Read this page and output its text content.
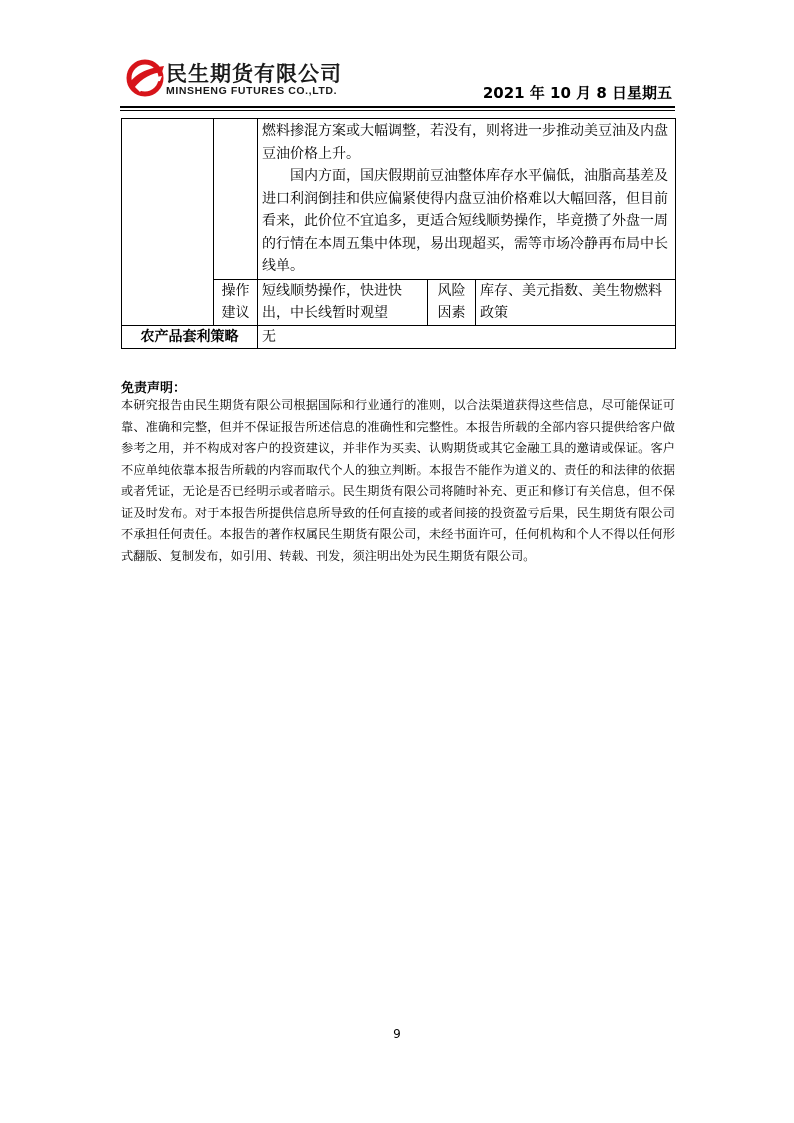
民生期货有限公司
MINSHENG FUTURES CO.,LTD.	2021 年 10 月 8 日星期五

		燃料掺混方案或大幅调整，若没有，则将进一步推动美豆油及内盘豆油价格上升。

国内方面，国庆假期前豆油整体库存水平偏低，油脂高基差及进口利润倒挂和供应偏紧使得内盘豆油价格难以大幅回落，但目前看来，此价位不宜追多，更适合短线顺势操作，毕竟攒了外盘一周的行情在本周五集中体现，易出现超买，需等市场冷静再布局中长线单。		

	操作建议	短线顺势操作，快进快出，中长线暂时观望	风险因素	库存、美元指数、美生物燃料政策
农产品套利策略		无		
免责声明：

本研究报告由民生期货有限公司根据国际和行业通行的准则，以合法渠道获得这些信息，尽可能保证可靠、准确和完整，但并不保证报告所述信息的准确性和完整性。本报告所载的全部内容只提供给客户做参考之用，并不构成对客户的投资建议，并非作为买卖、认购期货或其它金融工具的邀请或保证。客户不应单纯依靠本报告所载的内容而取代个人的独立判断。本报告不能作为道义的、责任的和法律的依据或者凭证，无论是否已经明示或者暗示。民生期货有限公司将随时补充、更正和修订有关信息，但不保证及时发布。对于本报告所提供信息所导致的任何直接的或者间接的投资盈亏后果，民生期货有限公司不承担任何责任。本报告的著作权属民生期货有限公司，未经书面许可，任何机构和个人不得以任何形式翻版、复制发布，如引用、转载、刊发，须注明出处为民生期货有限公司。

9
